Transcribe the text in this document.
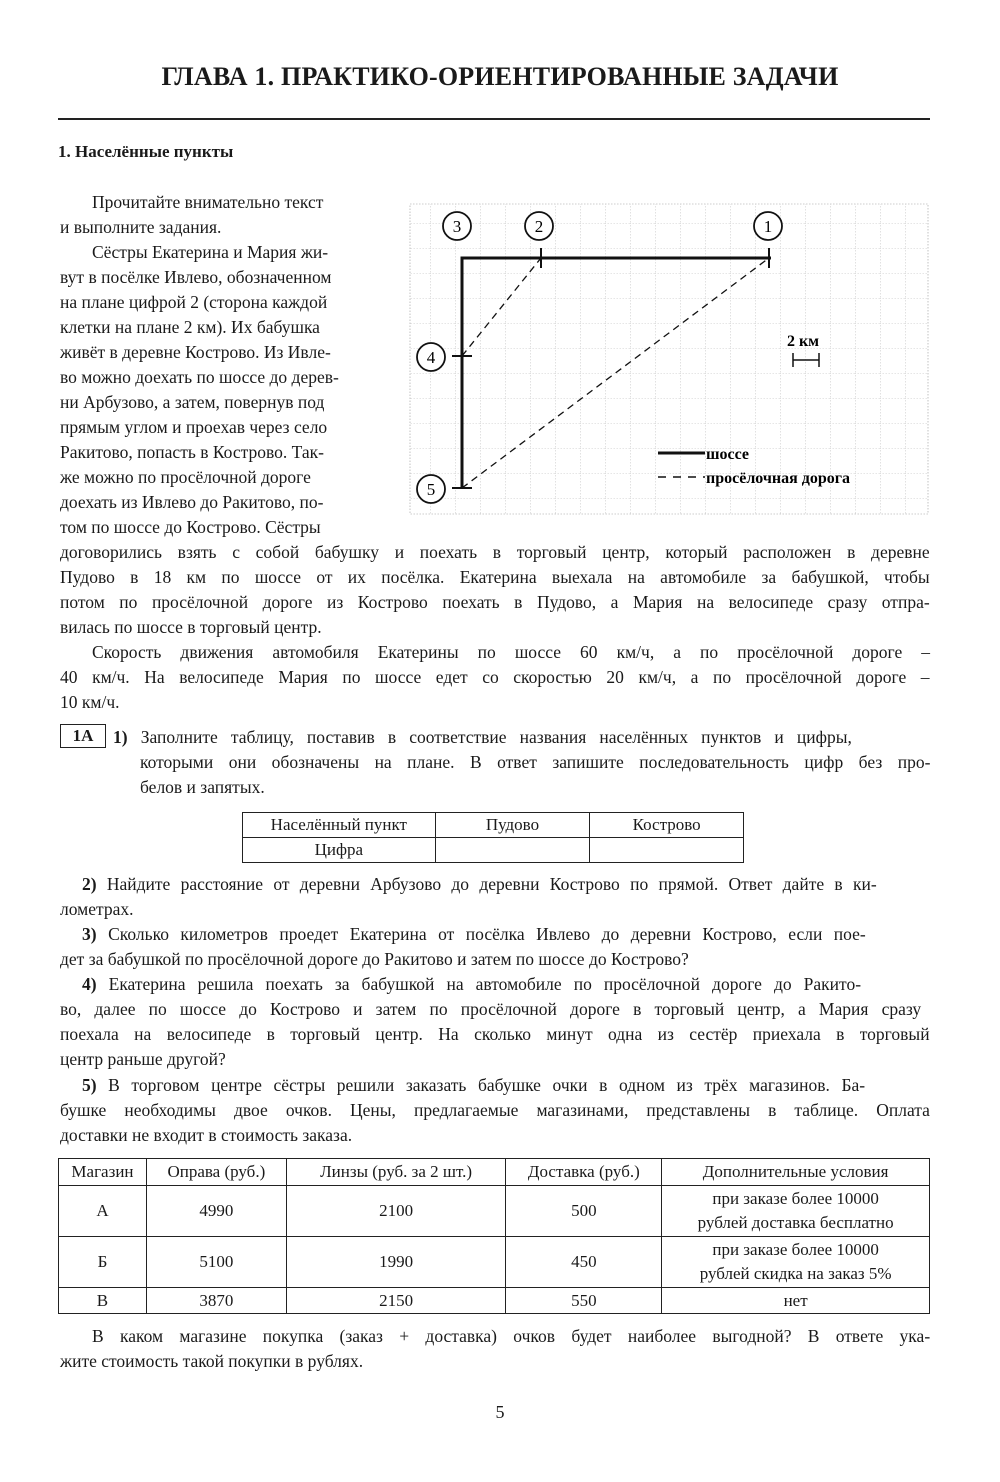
ГЛАВА 1. ПРАКТИКО-ОРИЕНТИРОВАННЫЕ ЗАДАЧИ
1. Населённые пункты
Прочитайте внимательно текст
и выполните задания.
Сёстры Екатерина и Мария жи-
вут в посёлке Ивлево, обозначенном
на плане цифрой 2 (сторона каждой
клетки на плане 2 км). Их бабушка
живёт в деревне Кострово. Из Ивле-
во можно доехать по шоссе до дерев-
ни Арбузово, а затем, повернув под
прямым углом и проехав через село
Ракитово, попасть в Кострово. Так-
же можно по просёлочной дороге
доехать из Ивлево до Ракитово, по-
том по шоссе до Кострово. Сёстры
3	2	1
4
5
2 км
шоссе
просёлочная дорога
договорились взять с собой бабушку и поехать в торговый центр, который расположен в деревне
Пудово в 18 км по шоссе от их посёлка. Екатерина выехала на автомобиле за бабушкой, чтобы
потом по просёлочной дороге из Кострово поехать в Пудово, а Мария на велосипеде сразу отпра-
вилась по шоссе в торговый центр.
Скорость движения автомобиля Екатерины по шоссе 60 км/ч, а по просёлочной дороге –
40 км/ч. На велосипеде Мария по шоссе едет со скоростью 20 км/ч, а по просёлочной дороге –
10 км/ч.
1А	1) Заполните таблицу, поставив в соответствие названия населённых пунктов и цифры,
которыми они обозначены на плане. В ответ запишите последовательность цифр без про-
белов и запятых.
Населённый пункт	Пудово	Кострово
Цифра		
2) Найдите расстояние от деревни Арбузово до деревни Кострово по прямой. Ответ дайте в ки-
лометрах.
3) Сколько километров проедет Екатерина от посёлка Ивлево до деревни Кострово, если пое-
дет за бабушкой по просёлочной дороге до Ракитово и затем по шоссе до Кострово?
4) Екатерина решила поехать за бабушкой на автомобиле по просёлочной дороге до Ракито-
во, далее по шоссе до Кострово и затем по просёлочной дороге в торговый центр, а Мария сразу
поехала на велосипеде в торговый центр. На сколько минут одна из сестёр приехала в торговый
центр раньше другой?
5) В торговом центре сёстры решили заказать бабушке очки в одном из трёх магазинов. Ба-
бушке необходимы двое очков. Цены, предлагаемые магазинами, представлены в таблице. Оплата
доставки не входит в стоимость заказа.
Магазин	Оправа (руб.)	Линзы (руб. за 2 шт.)	Доставка (руб.)	Дополнительные условия
А	4990	2100	500	при заказе более 10000
рублей доставка бесплатно

Б	5100	1990	450	при заказе более 10000
рублей скидка на заказ 5%

В	3870	2150	550	нет
В каком магазине покупка (заказ + доставка) очков будет наиболее выгодной? В ответе ука-
жите стоимость такой покупки в рублях.
5
